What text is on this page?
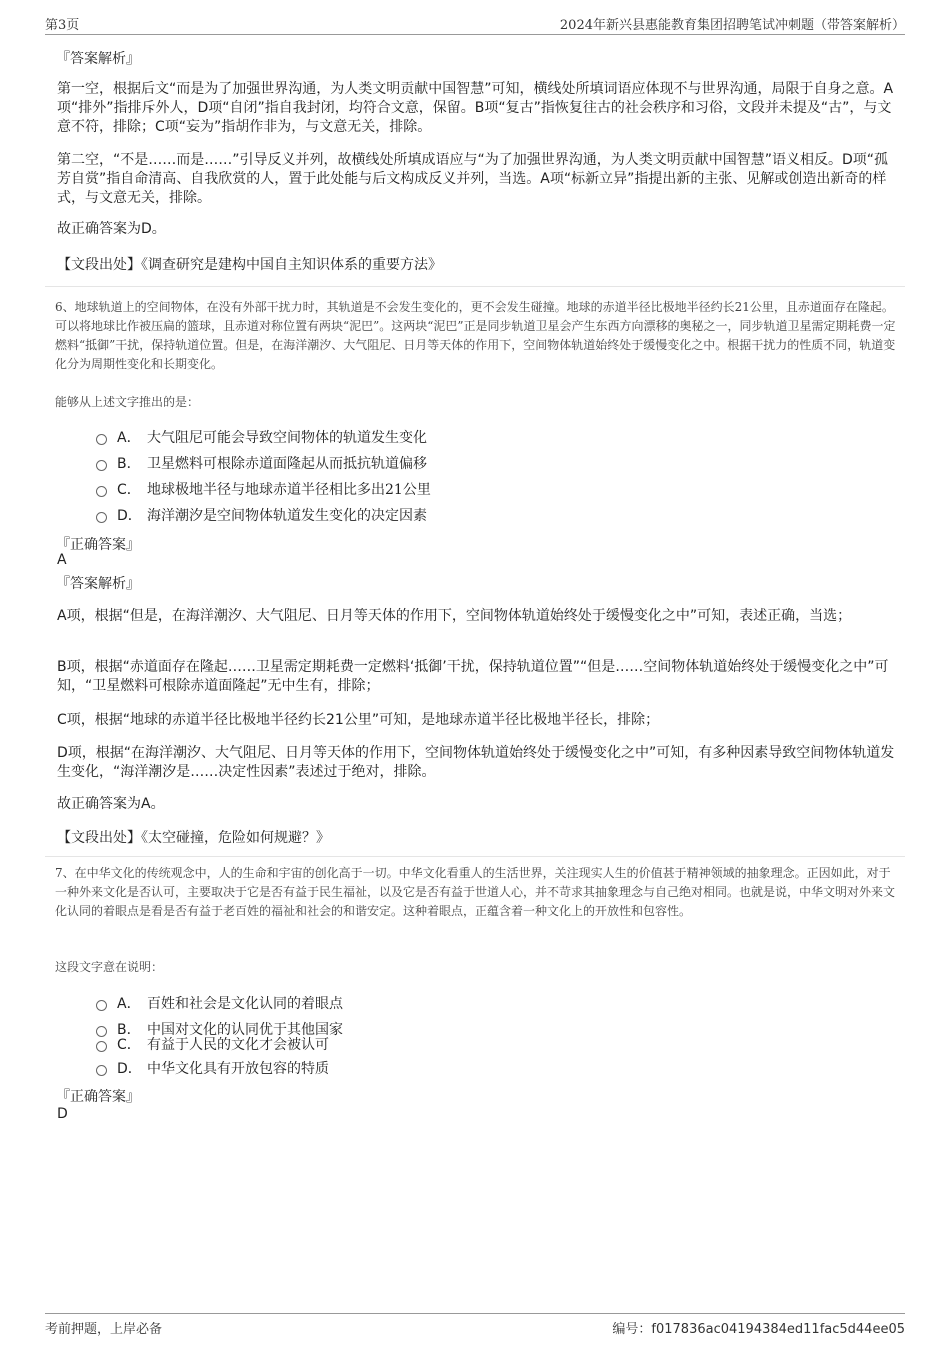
第3页	2024年新兴县惠能教育集团招聘笔试冲刺题（带答案解析）
『答案解析』
第一空，根据后文“而是为了加强世界沟通，为人类文明贡献中国智慧”可知，横线处所填词语应体现不与世界沟通，局限于自身之意。A项“排外”指排斥外人，D项“自闭”指自我封闭，均符合文意，保留。B项“复古”指恢复往古的社会秩序和习俗，文段并未提及“古”，与文意不符，排除；C项“妄为”指胡作非为，与文意无关，排除。
第二空，“不是……而是……”引导反义并列，故横线处所填成语应与“为了加强世界沟通，为人类文明贡献中国智慧”语义相反。D项“孤芳自赏”指自命清高、自我欣赏的人，置于此处能与后文构成反义并列，当选。A项“标新立异”指提出新的主张、见解或创造出新奇的样式，与文意无关，排除。
故正确答案为D。
【文段出处】《调查研究是建构中国自主知识体系的重要方法》
6、地球轨道上的空间物体，在没有外部干扰力时，其轨道是不会发生变化的，更不会发生碰撞。地球的赤道半径比极地半径约长21公里，且赤道面存在隆起。可以将地球比作被压扁的篮球，且赤道对称位置有两块“泥巴”。这两块“泥巴”正是同步轨道卫星会产生东西方向漂移的奥秘之一，同步轨道卫星需定期耗费一定燃料“抵御”干扰，保持轨道位置。但是，在海洋潮汐、大气阻尼、日月等天体的作用下，空间物体轨道始终处于缓慢变化之中。根据干扰力的性质不同，轨道变化分为周期性变化和长期变化。
能够从上述文字推出的是：
A． 大气阻尼可能会导致空间物体的轨道发生变化
B． 卫星燃料可根除赤道面隆起从而抵抗轨道偏移
C． 地球极地半径与地球赤道半径相比多出21公里
D． 海洋潮汐是空间物体轨道发生变化的决定因素
『正确答案』
A
『答案解析』
A项，根据“但是，在海洋潮汐、大气阻尼、日月等天体的作用下，空间物体轨道始终处于缓慢变化之中”可知，表述正确，当选；
B项，根据“赤道面存在隆起……卫星需定期耗费一定燃料‘抵御’干扰，保持轨道位置”“但是……空间物体轨道始终处于缓慢变化之中”可知，“卫星燃料可根除赤道面隆起”无中生有，排除；
C项，根据“地球的赤道半径比极地半径约长21公里”可知，是地球赤道半径比极地半径长，排除；
D项，根据“在海洋潮汐、大气阻尼、日月等天体的作用下，空间物体轨道始终处于缓慢变化之中”可知，有多种因素导致空间物体轨道发生变化，“海洋潮汐是……决定性因素”表述过于绝对，排除。
故正确答案为A。
【文段出处】《太空碰撞，危险如何规避？》
7、在中华文化的传统观念中，人的生命和宇宙的创化高于一切。中华文化看重人的生活世界，关注现实人生的价值甚于精神领域的抽象理念。正因如此，对于一种外来文化是否认可，主要取决于它是否有益于民生福祉，以及它是否有益于世道人心，并不苛求其抽象理念与自己绝对相同。也就是说，中华文明对外来文化认同的着眼点是看是否有益于老百姓的福祉和社会的和谐安定。这种着眼点，正蕴含着一种文化上的开放性和包容性。
这段文字意在说明：
A． 百姓和社会是文化认同的着眼点
B． 中国对文化的认同优于其他国家
C． 有益于人民的文化才会被认可
D． 中华文化具有开放包容的特质
『正确答案』
D
考前押题，上岸必备	编号：f017836ac04194384ed11fac5d44ee05
